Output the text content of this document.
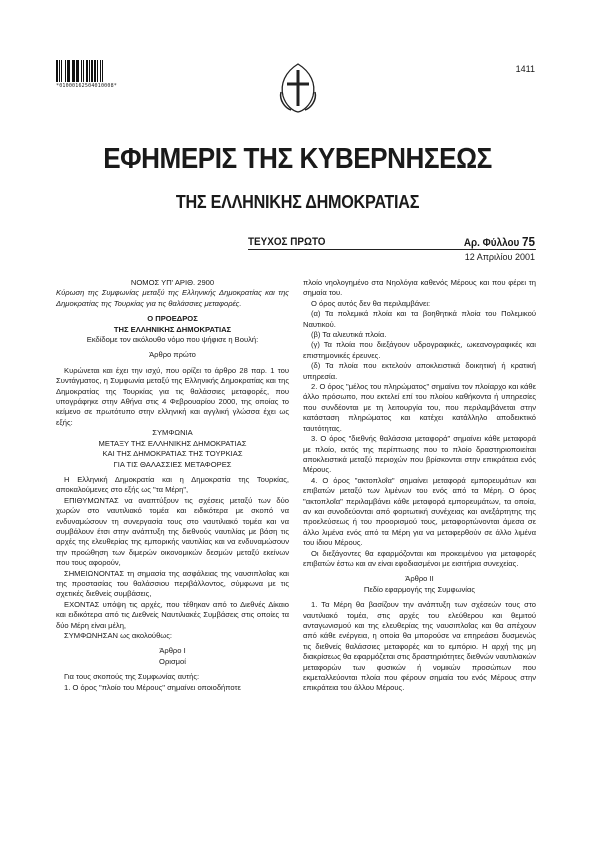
*01000162504010008*
1411
ΕΦΗΜΕΡΙΣ ΤΗΣ ΚΥΒΕΡΝΗΣΕΩΣ
ΤΗΣ ΕΛΛΗΝΙΚΗΣ ΔΗΜΟΚΡΑΤΙΑΣ
ΤΕΥΧΟΣ ΠΡΩΤΟ	Αρ. Φύλλου 75
12 Απριλίου 2001

ΝΟΜΟΣ ΥΠ' ΑΡΙΘ. 2900

Κύρωση της Συμφωνίας μεταξύ της Ελληνικής Δημοκρατίας και της Δημοκρατίας της Τουρκίας για τις θαλάσσιες μεταφορές.

Ο ΠΡΟΕΔΡΟΣ

ΤΗΣ ΕΛΛΗΝΙΚΗΣ ΔΗΜΟΚΡΑΤΙΑΣ

Εκδίδομε τον ακόλουθο νόμο που ψήφισε η Βουλή:

Άρθρο πρώτο

Κυρώνεται και έχει την ισχύ, που ορίζει το άρθρο 28 παρ. 1 του Συντάγματος, η Συμφωνία μεταξύ της Ελληνικής Δημοκρατίας και της Δημοκρατίας της Τουρκίας για τις θαλάσσιες μεταφορές, που υπογράφηκε στην Αθήνα στις 4 Φεβρουαρίου 2000, της οποίας το κείμενο σε πρωτότυπο στην ελληνική και αγγλική γλώσσα έχει ως εξής:

ΣΥΜΦΩΝΙΑ

ΜΕΤΑΞΥ ΤΗΣ ΕΛΛΗΝΙΚΗΣ ΔΗΜΟΚΡΑΤΙΑΣ

ΚΑΙ ΤΗΣ ΔΗΜΟΚΡΑΤΙΑΣ ΤΗΣ ΤΟΥΡΚΙΑΣ

ΓΙΑ ΤΙΣ ΘΑΛΑΣΣΙΕΣ ΜΕΤΑΦΟΡΕΣ

Η Ελληνική Δημοκρατία και η Δημοκρατία της Τουρκίας, αποκαλούμενες στο εξής ως "τα Μέρη",

ΕΠΙΘΥΜΩΝΤΑΣ να αναπτύξουν τις σχέσεις μεταξύ των δύο χωρών στο ναυτιλιακό τομέα και ειδικότερα με σκοπό να ενδυναμώσουν τη συνεργασία τους στο ναυτιλιακό τομέα και να συμβάλουν έτσι στην ανάπτυξη της διεθνούς ναυτιλίας με βάση τις αρχές της ελευθερίας της εμπορικής ναυτιλίας και να ενδυναμώσουν την προώθηση των διμερών οικονομικών δεσμών μεταξύ εκείνων που τους αφορούν,

ΣΗΜΕΙΩΝΟΝΤΑΣ τη σημασία της ασφάλειας της ναυσιπλοΐας και της προστασίας του θαλάσσιου περιβάλλοντος, σύμφωνα με τις σχετικές διεθνείς συμβάσεις,

ΕΧΟΝΤΑΣ υπόψη τις αρχές, που τέθηκαν από το Διεθνές Δίκαιο και ειδικότερα από τις Διεθνείς Ναυτιλιακές Συμβάσεις στις οποίες τα δύο Μέρη είναι μέλη,

ΣΥΜΦΩΝΗΣΑΝ ως ακολούθως:

Άρθρο Ι

Ορισμοί

Για τους σκοπούς της Συμφωνίας αυτής:

1. Ο όρος "πλοίο του Μέρους" σημαίνει οποιοδήποτε

πλοίο νηολογημένο στα Νηολόγια καθενός Μέρους και που φέρει τη σημαία του.

Ο όρος αυτός δεν θα περιλαμβάνει:

(α) Τα πολεμικά πλοία και τα βοηθητικά πλοία του Πολεμικού Ναυτικού.

(β) Τα αλιευτικά πλοία.

(γ) Τα πλοία που διεξάγουν υδρογραφικές, ωκεανογραφικές και επιστημονικές έρευνες.

(δ) Τα πλοία που εκτελούν αποκλειστικά δοικητική ή κρατική υπηρεσία.

2. Ο όρος "μέλος του πληρώματος" σημαίνει τον πλοίαρχο και κάθε άλλο πρόσωπο, που εκτελεί επί του πλοίου καθήκοντα ή υπηρεσίες που συνδέονται με τη λειτουργία του, που περιλαμβάνεται στην κατάσταση πληρώματος και κατέχει κατάλληλο αποδεικτικό ταυτότητας.

3. Ο όρος "διεθνής θαλάσσια μεταφορά" σημαίνει κάθε μεταφορά με πλοίο, εκτός της περίπτωσης που το πλοίο δραστηριοποιείται αποκλειστικά μεταξύ περιοχών που βρίσκονται στην επικράτεια ενός Μέρους.

4. Ο όρος "ακτοπλοΐα" σημαίνει μεταφορά εμπορευμάτων και επιβατών μεταξύ των λιμένων του ενός από τα Μέρη. Ο όρος "ακτοπλοΐα" περιλαμβάνει κάθε μεταφορά εμπορευμάτων, τα οποία, αν και συνοδεύονται από φορτωτική συνέχειας και ανεξάρτητης της προελεύσεως ή του προορισμού τους, μεταφορτώνονται άμεσα σε άλλο λιμένα ενός από τα Μέρη για να μεταφερθούν σε άλλο λιμένα του ίδιου Μέρους.

Οι διεξάγοντες θα εφαρμόζονται και προκειμένου για μεταφορές επιβατών έστω και αν είναι εφοδιασμένοι με εισιτήρια συνεχείας.

Άρθρο ΙΙ

Πεδίο εφαρμογής της Συμφωνίας

1. Τα Μέρη θα βασίζουν την ανάπτυξη των σχέσεών τους στο ναυτιλιακό τομέα, στις αρχές του ελεύθερου και θεμιτού ανταγωνισμού και της ελευθερίας της ναυσιπλοΐας και θα απέχουν από κάθε ενέργεια, η οποία θα μπορούσε να επηρεάσει δυσμενώς τις διεθνείς θαλάσσιες μεταφορές και το εμπόριο. Η αρχή της μη διακρίσεως θα εφαρμόζεται στις δραστηριότητες διεθνών ναυτιλιακών μεταφορών των φυσικών ή νομικών προσώπων που εκμεταλλεύονται πλοία που φέρουν σημαία του ενός Μέρους στην επικράτεια του άλλου Μέρους.
